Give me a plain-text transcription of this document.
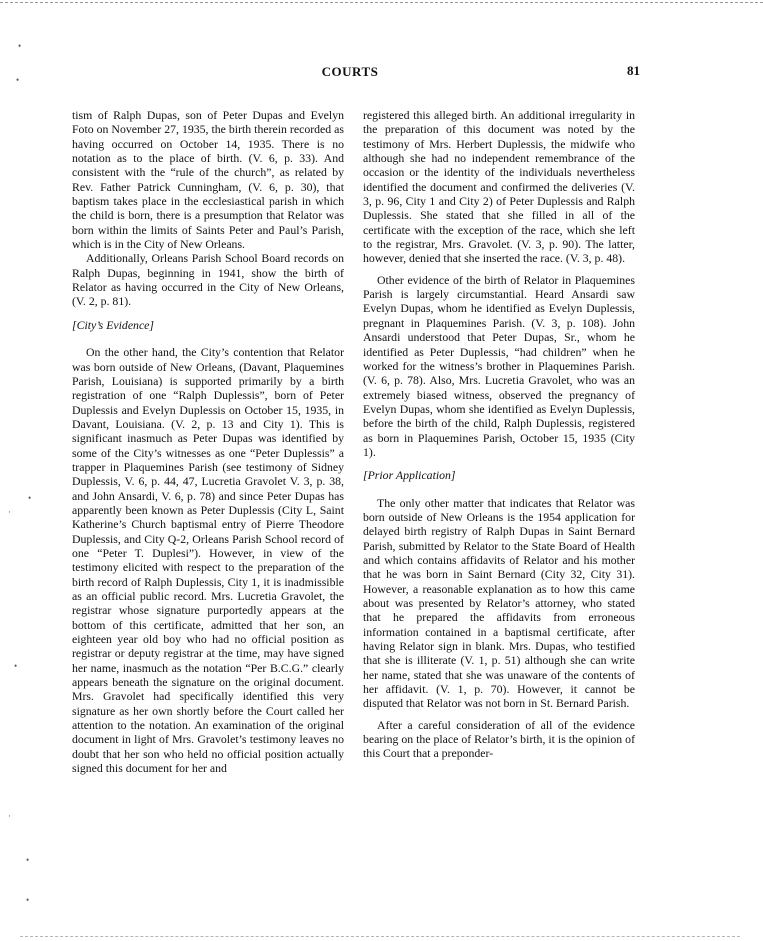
COURTS	81

tism of Ralph Dupas, son of Peter Dupas and Evelyn Foto on November 27, 1935, the birth therein recorded as having occurred on October 14, 1935. There is no notation as to the place of birth. (V. 6, p. 33). And consistent with the “rule of the church”, as related by Rev. Father Patrick Cunningham, (V. 6, p. 30), that baptism takes place in the ecclesiastical parish in which the child is born, there is a presumption that Relator was born within the limits of Saints Peter and Paul’s Parish, which is in the City of New Orleans.

Additionally, Orleans Parish School Board records on Ralph Dupas, beginning in 1941, show the birth of Relator as having occurred in the City of New Orleans, (V. 2, p. 81).

[City’s Evidence]

On the other hand, the City’s contention that Relator was born outside of New Orleans, (Davant, Plaquemines Parish, Louisiana) is supported primarily by a birth registration of one “Ralph Duplessis”, born of Peter Duplessis and Evelyn Duplessis on October 15, 1935, in Davant, Louisiana. (V. 2, p. 13 and City 1). This is significant inasmuch as Peter Dupas was identified by some of the City’s witnesses as one “Peter Duplessis” a trapper in Plaquemines Parish (see testimony of Sidney Duplessis, V. 6, p. 44, 47, Lucretia Gravolet V. 3, p. 38, and John Ansardi, V. 6, p. 78) and since Peter Dupas has apparently been known as Peter Duplessis (City L, Saint Katherine’s Church baptismal entry of Pierre Theodore Duplessis, and City Q-2, Orleans Parish School record of one “Peter T. Duplesi”). However, in view of the testimony elicited with respect to the preparation of the birth record of Ralph Duplessis, City 1, it is inadmissible as an official public record. Mrs. Lucretia Gravolet, the registrar whose signature purportedly appears at the bottom of this certificate, admitted that her son, an eighteen year old boy who had no official position as registrar or deputy registrar at the time, may have signed her name, inasmuch as the notation “Per B.C.G.” clearly appears beneath the signature on the original document. Mrs. Gravolet had specifically identified this very signature as her own shortly before the Court called her attention to the notation. An examination of the original document in light of Mrs. Gravolet’s testimony leaves no doubt that her son who held no official position actually signed this document for her and

registered this alleged birth. An additional irregularity in the preparation of this document was noted by the testimony of Mrs. Herbert Duplessis, the midwife who although she had no independent remembrance of the occasion or the identity of the individuals nevertheless identified the document and confirmed the deliveries (V. 3, p. 96, City 1 and City 2) of Peter Duplessis and Ralph Duplessis. She stated that she filled in all of the certificate with the exception of the race, which she left to the registrar, Mrs. Gravolet. (V. 3, p. 90). The latter, however, denied that she inserted the race. (V. 3, p. 48).

Other evidence of the birth of Relator in Plaquemines Parish is largely circumstantial. Heard Ansardi saw Evelyn Dupas, whom he identified as Evelyn Duplessis, pregnant in Plaquemines Parish. (V. 3, p. 108). John Ansardi understood that Peter Dupas, Sr., whom he identified as Peter Duplessis, “had children” when he worked for the witness’s brother in Plaquemines Parish. (V. 6, p. 78). Also, Mrs. Lucretia Gravolet, who was an extremely biased witness, observed the pregnancy of Evelyn Dupas, whom she identified as Evelyn Duplessis, before the birth of the child, Ralph Duplessis, registered as born in Plaquemines Parish, October 15, 1935 (City 1).

[Prior Application]

The only other matter that indicates that Relator was born outside of New Orleans is the 1954 application for delayed birth registry of Ralph Dupas in Saint Bernard Parish, submitted by Relator to the State Board of Health and which contains affidavits of Relator and his mother that he was born in Saint Bernard (City 32, City 31). However, a reasonable explanation as to how this came about was presented by Relator’s attorney, who stated that he prepared the affidavits from erroneous information contained in a baptismal certificate, after having Relator sign in blank. Mrs. Dupas, who testified that she is illiterate (V. 1, p. 51) although she can write her name, stated that she was unaware of the contents of her affidavit. (V. 1, p. 70). However, it cannot be disputed that Relator was not born in St. Bernard Parish.

After a careful consideration of all of the evidence bearing on the place of Relator’s birth, it is the opinion of this Court that a preponder-

•
•
•
·
•
·
•
•
